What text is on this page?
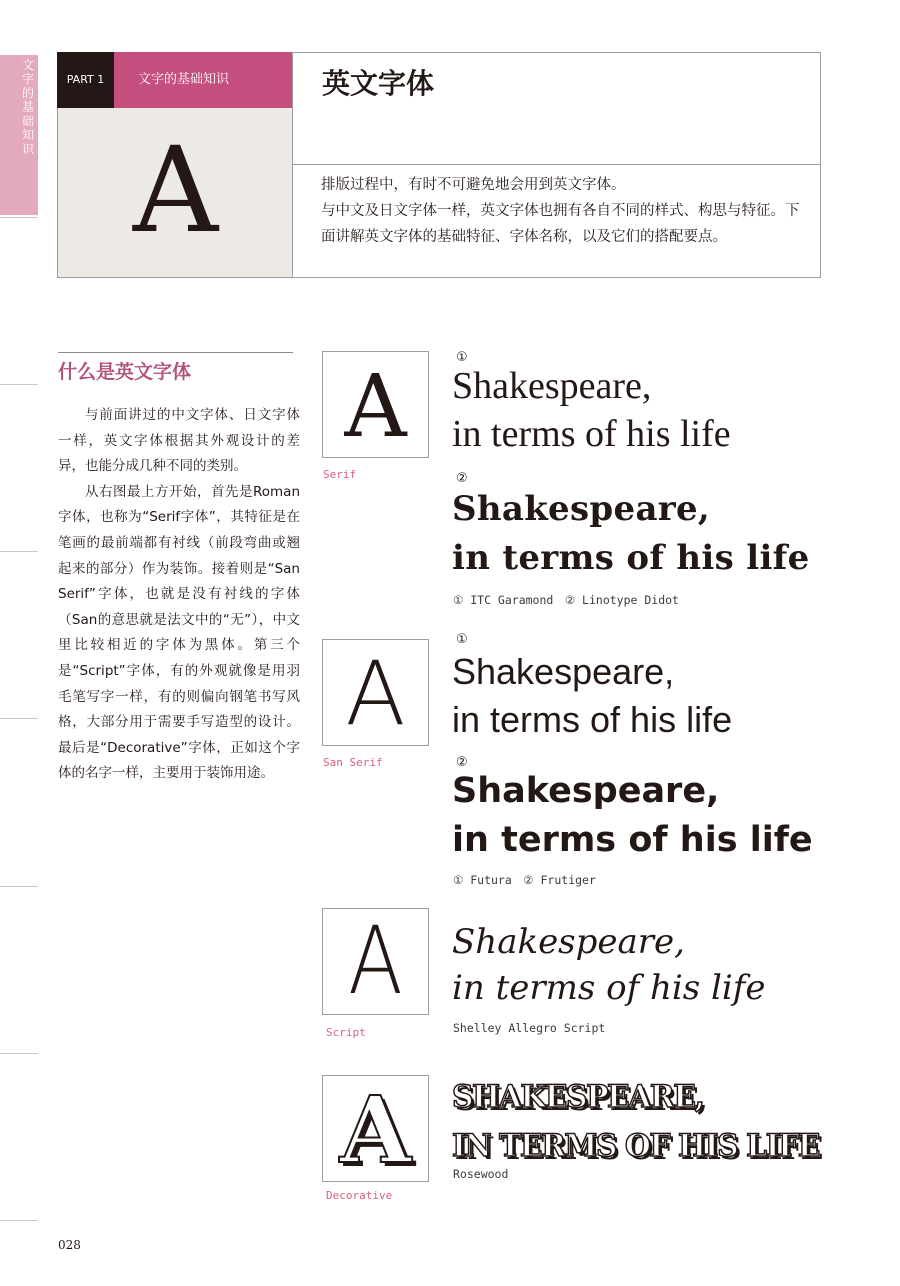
文字的基础知识
PART 1	文字的基础知识
A
英文字体
排版过程中，有时不可避免地会用到英文字体。
与中文及日文字体一样，英文字体也拥有各自不同的样式、构思与特征。下面讲解英文字体的基础特征、字体名称，以及它们的搭配要点。
什么是英文字体

与前面讲过的中文字体、日文字体一样，英文字体根据其外观设计的差异，也能分成几种不同的类别。

从右图最上方开始，首先是Roman字体，也称为“Serif字体”，其特征是在笔画的最前端都有衬线（前段弯曲或翘起来的部分）作为装饰。接着则是“San Serif”字体，也就是没有衬线的字体（San的意思就是法文中的“无”），中文里比较相近的字体为黑体。第三个是“Script”字体，有的外观就像是用羽毛笔写字一样，有的则偏向钢笔书写风格，大部分用于需要手写造型的设计。最后是“Decorative”字体，正如这个字体的名字一样，主要用于装饰用途。

A
Serif
①
Shakespeare,
in terms of his life
②
Shakespeare,
in terms of his life
① ITC Garamond　② Linotype Didot
A
San Serif
①
Shakespeare,
in terms of his life
②
Shakespeare,
in terms of his life
① Futura　② Frutiger
A
Script
Shakespeare,
in terms of his life
Shelley Allegro Script
A
Decorative
SHAKESPEARE,
IN TERMS OF HIS LIFE
Rosewood
028
